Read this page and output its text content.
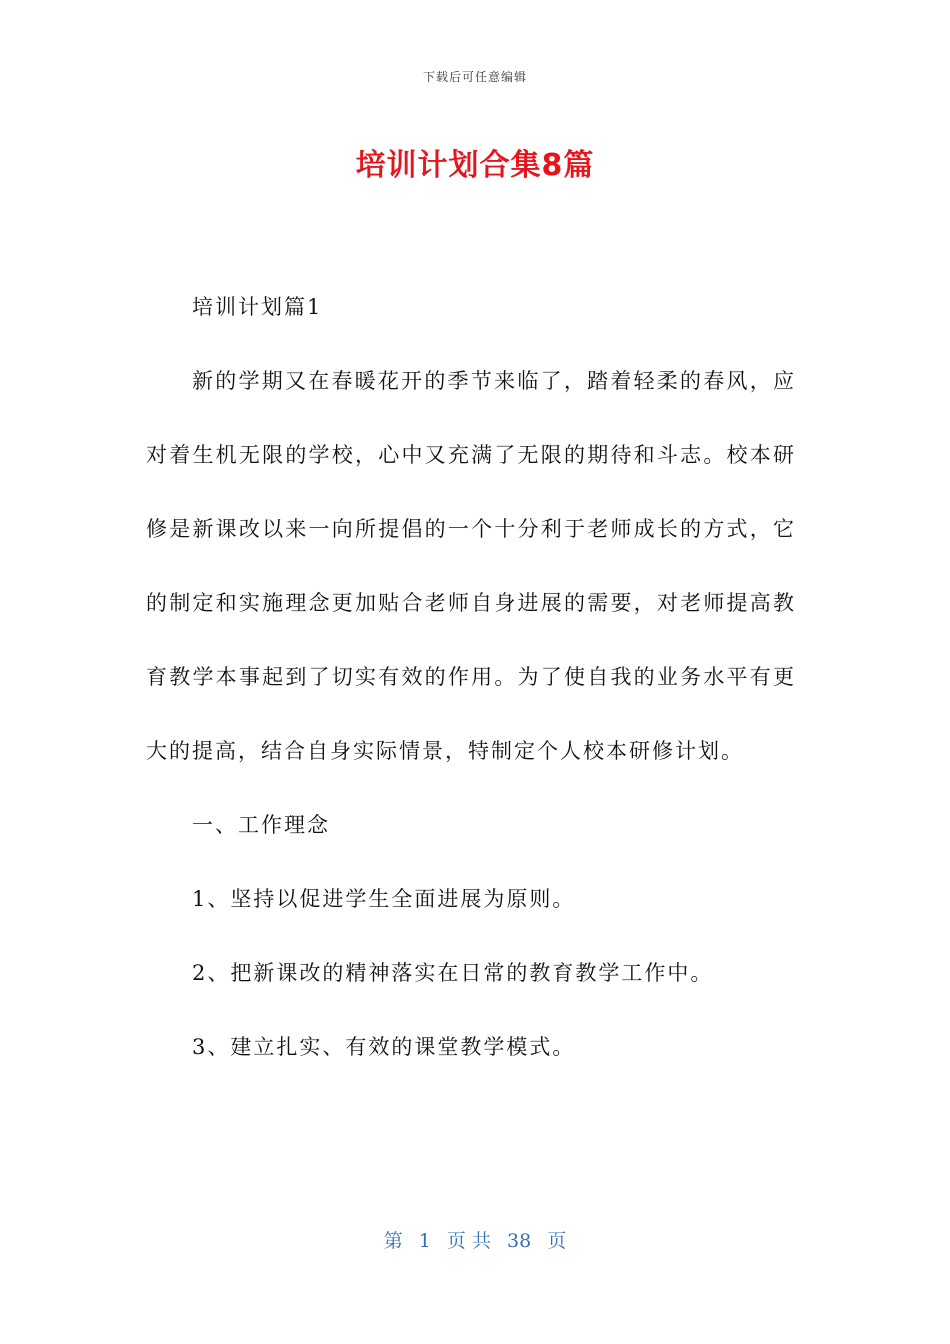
下载后可任意编辑
培训计划合集8篇

培训计划篇1

新的学期又在春暖花开的季节来临了，踏着轻柔的春风，应对着生机无限的学校，心中又充满了无限的期待和斗志。校本研修是新课改以来一向所提倡的一个十分利于老师成长的方式，它的制定和实施理念更加贴合老师自身进展的需要，对老师提高教育教学本事起到了切实有效的作用。为了使自我的业务水平有更大的提高，结合自身实际情景，特制定个人校本研修计划。

一、工作理念

1、坚持以促进学生全面进展为原则。

2、把新课改的精神落实在日常的教育教学工作中。

3、建立扎实、有效的课堂教学模式。

第 1 页 共 38 页
